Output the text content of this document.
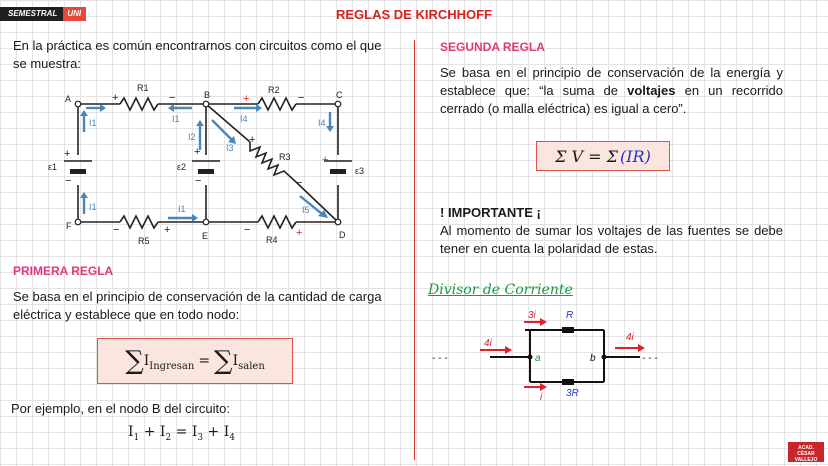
SEMESTRAL	UNI	REGLAS DE KIRCHHOFF
En la práctica es común encontrarnos con circuitos como el que se muestra:
A	B	C
D
E
F
R1	R2
R3
R4
R5
ε1	ε2	ε3
I1
I1
I1
I1
I2
I3
I4	I4
I5
+	−	−
+
−
+
−
+
−
−	+	−
+
+
+
PRIMERA REGLA
Se basa en el principio de conservación de la cantidad de carga eléctrica y establece que en todo nodo:
∑ I Ingresan = ∑ I salen
Por ejemplo, en el nodo B del circuito:
$I_1 + I_2 = I_3 + I_4$
SEGUNDA REGLA
Se basa en el principio de conservación de la energía y establece que: “la suma de voltajes en un recorrido cerrado (o malla eléctrica) es igual a cero”.
Σ V = Σ (IR)
! IMPORTANTE ¡
Al momento de sumar los voltajes de las fuentes se debe tener en cuenta la polaridad de estas.
Divisor de Corriente
- - -	- - -
4i
3i	R
a	b
4i
i 3R
ACAD.
CÉSAR
VALLEJO
